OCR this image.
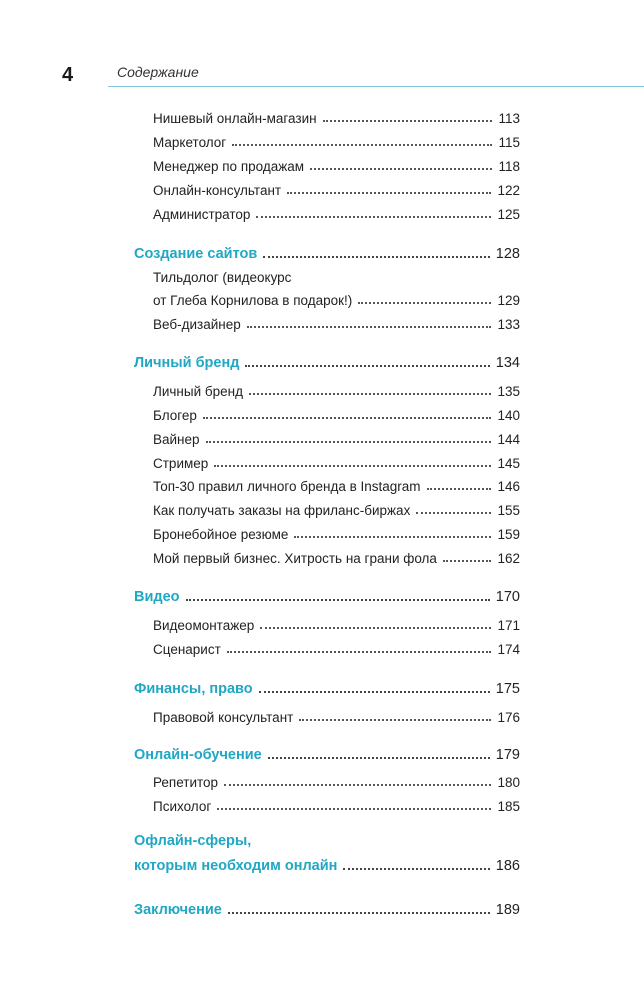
4	Содержание
Нишевый онлайн-магазин	113
Маркетолог	115
Менеджер по продажам	118
Онлайн-консультант	122
Администратор	125
Создание сайтов	128
Тильдолог (видеокурс
от Глеба Корнилова в подарок!)	129
Веб-дизайнер	133
Личный бренд	134
Личный бренд	135
Блогер	140
Вайнер	144
Стример	145
Топ-30 правил личного бренда в Instagram	146
Как получать заказы на фриланс-биржах	155
Бронебойное резюме	159
Мой первый бизнес. Хитрость на грани фола	162
Видео	170
Видеомонтажер	171
Сценарист	174
Финансы, право	175
Правовой консультант	176
Онлайн-обучение	179
Репетитор	180
Психолог	185
Офлайн-сферы,
которым необходим онлайн	186
Заключение	189
